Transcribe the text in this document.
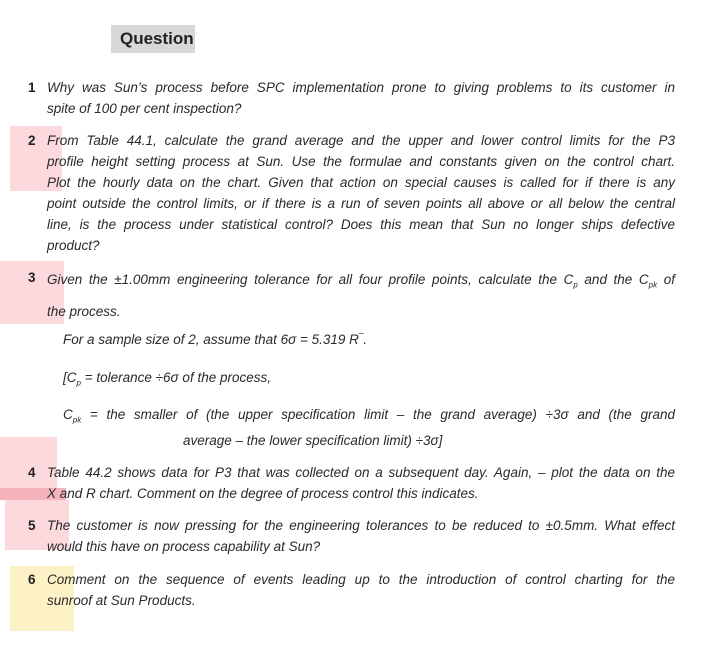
Question
1 Why was Sun’s process before SPC implementation prone to giving problems to its customer in
spite of 100 per cent inspection?
2 From Table 44.1, calculate the grand average and the upper and lower control limits for the P3
profile height setting process at Sun. Use the formulae and constants given on the control chart.
Plot the hourly data on the chart. Given that action on special causes is called for if there is any
point outside the control limits, or if there is a run of seven points all above or all below the central
line, is the process under statistical control? Does this mean that Sun no longer ships defective
product?
3 Given the ±1.00mm engineering tolerance for all four profile points, calculate the $C_p$ and the $C_{pk}$ of
the process.
For a sample size of 2, assume that 6σ = 5.319 R‾.
[$C_p$ = tolerance ÷6σ of the process,
$C_{pk}$ = the smaller of (the upper specification limit – the grand average) ÷3σ and (the grand
average – the lower specification limit) ÷3σ]
4 Table 44.2 shows data for P3 that was collected on a subsequent day. Again, – plot the data on the
X and R chart. Comment on the degree of process control this indicates.
5 The customer is now pressing for the engineering tolerances to be reduced to ±0.5mm. What effect
would this have on process capability at Sun?
6 Comment on the sequence of events leading up to the introduction of control charting for the
sunroof at Sun Products.
